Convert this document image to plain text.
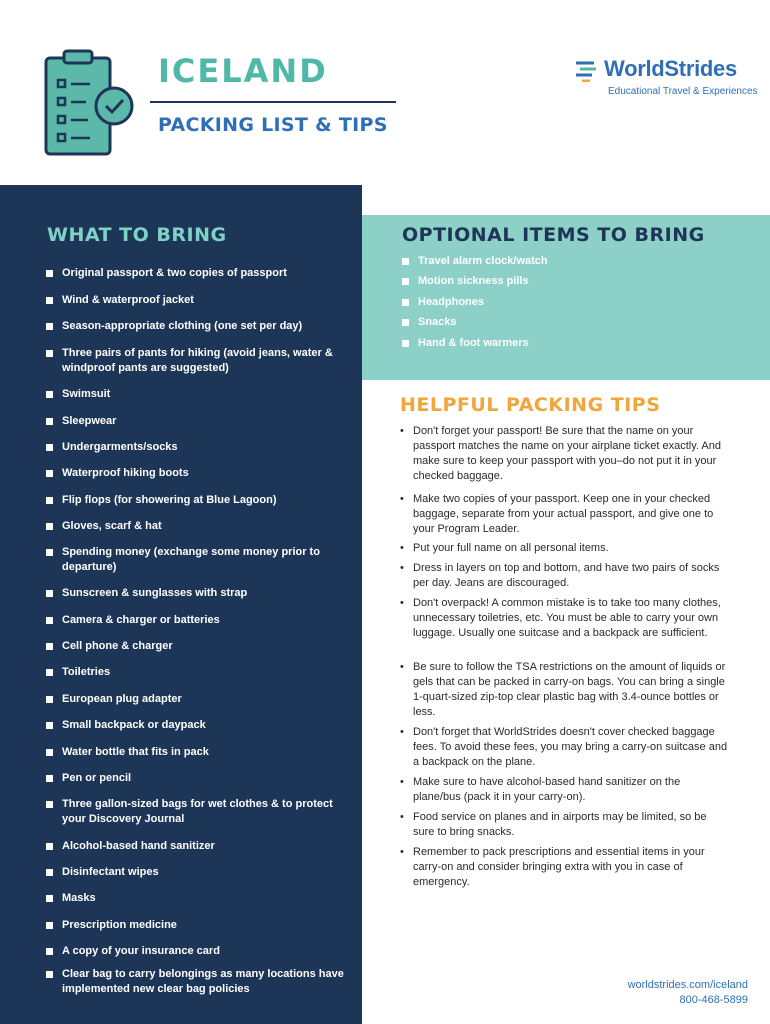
ICELAND
PACKING LIST & TIPS
WorldStrides
Educational Travel & Experiences
WHAT TO BRING
Original passport & two copies of passport
Wind & waterproof jacket
Season-appropriate clothing (one set per day)
Three pairs of pants for hiking (avoid jeans, water & windproof pants are suggested)
Swimsuit
Sleepwear
Undergarments/socks
Waterproof hiking boots
Flip flops (for showering at Blue Lagoon)
Gloves, scarf & hat
Spending money (exchange some money prior to departure)
Sunscreen & sunglasses with strap
Camera & charger or batteries
Cell phone & charger
Toiletries
European plug adapter
Small backpack or daypack
Water bottle that fits in pack
Pen or pencil
Three gallon-sized bags for wet clothes & to protect your Discovery Journal
Alcohol-based hand sanitizer
Disinfectant wipes
Masks
Prescription medicine
A copy of your insurance card
Clear bag to carry belongings as many locations have implemented new clear bag policies
OPTIONAL ITEMS TO BRING
Travel alarm clock/watch
Motion sickness pills
Headphones
Snacks
Hand & foot warmers
HELPFUL PACKING TIPS
• Don't forget your passport! Be sure that the name on your passport matches the name on your airplane ticket exactly. And make sure to keep your passport with you–do not put it in your checked baggage.
• Make two copies of your passport. Keep one in your checked baggage, separate from your actual passport, and give one to your Program Leader.
• Put your full name on all personal items.
• Dress in layers on top and bottom, and have two pairs of socks per day. Jeans are discouraged.
• Don't overpack! A common mistake is to take too many clothes, unnecessary toiletries, etc. You must be able to carry your own luggage. Usually one suitcase and a backpack are sufficient.
• Be sure to follow the TSA restrictions on the amount of liquids or gels that can be packed in carry-on bags. You can bring a single 1-quart-sized zip-top clear plastic bag with 3.4-ounce bottles or less.
• Don't forget that WorldStrides doesn't cover checked baggage fees. To avoid these fees, you may bring a carry-on suitcase and a backpack on the plane.
• Make sure to have alcohol-based hand sanitizer on the plane/bus (pack it in your carry-on).
• Food service on planes and in airports may be limited, so be sure to bring snacks.
• Remember to pack prescriptions and essential items in your carry-on and consider bringing extra with you in case of emergency.
worldstrides.com/iceland
800-468-5899
